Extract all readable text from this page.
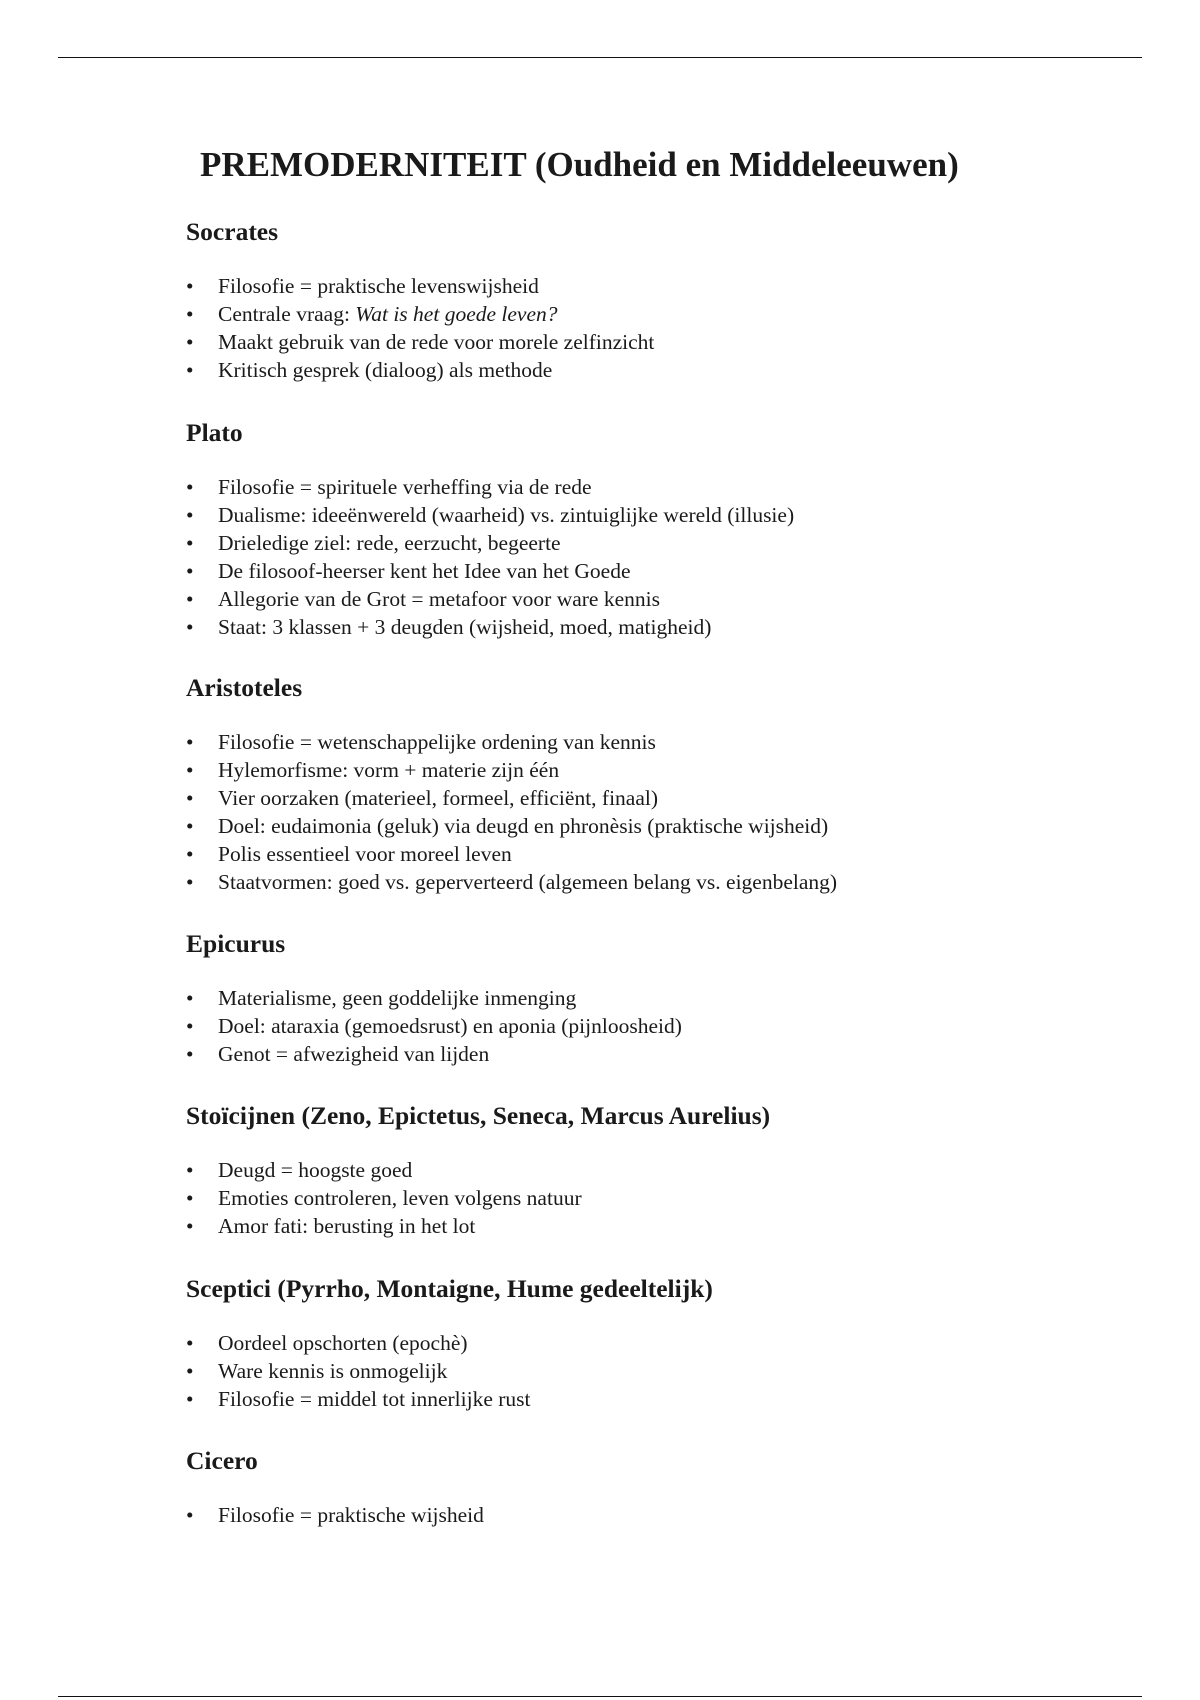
PREMODERNITEIT (Oudheid en Middeleeuwen)
Socrates
• Filosofie = praktische levenswijsheid
• Centrale vraag: Wat is het goede leven?
• Maakt gebruik van de rede voor morele zelfinzicht
• Kritisch gesprek (dialoog) als methode
Plato
• Filosofie = spirituele verheffing via de rede
• Dualisme: ideeënwereld (waarheid) vs. zintuiglijke wereld (illusie)
• Drieledige ziel: rede, eerzucht, begeerte
• De filosoof-heerser kent het Idee van het Goede
• Allegorie van de Grot = metafoor voor ware kennis
• Staat: 3 klassen + 3 deugden (wijsheid, moed, matigheid)
Aristoteles
• Filosofie = wetenschappelijke ordening van kennis
• Hylemorfisme: vorm + materie zijn één
• Vier oorzaken (materieel, formeel, efficiënt, finaal)
• Doel: eudaimonia (geluk) via deugd en phronèsis (praktische wijsheid)
• Polis essentieel voor moreel leven
• Staatvormen: goed vs. geperverteerd (algemeen belang vs. eigenbelang)
Epicurus
• Materialisme, geen goddelijke inmenging
• Doel: ataraxia (gemoedsrust) en aponia (pijnloosheid)
• Genot = afwezigheid van lijden
Stoïcijnen (Zeno, Epictetus, Seneca, Marcus Aurelius)
• Deugd = hoogste goed
• Emoties controleren, leven volgens natuur
• Amor fati: berusting in het lot
Sceptici (Pyrrho, Montaigne, Hume gedeeltelijk)
• Oordeel opschorten (epochè)
• Ware kennis is onmogelijk
• Filosofie = middel tot innerlijke rust
Cicero
• Filosofie = praktische wijsheid
